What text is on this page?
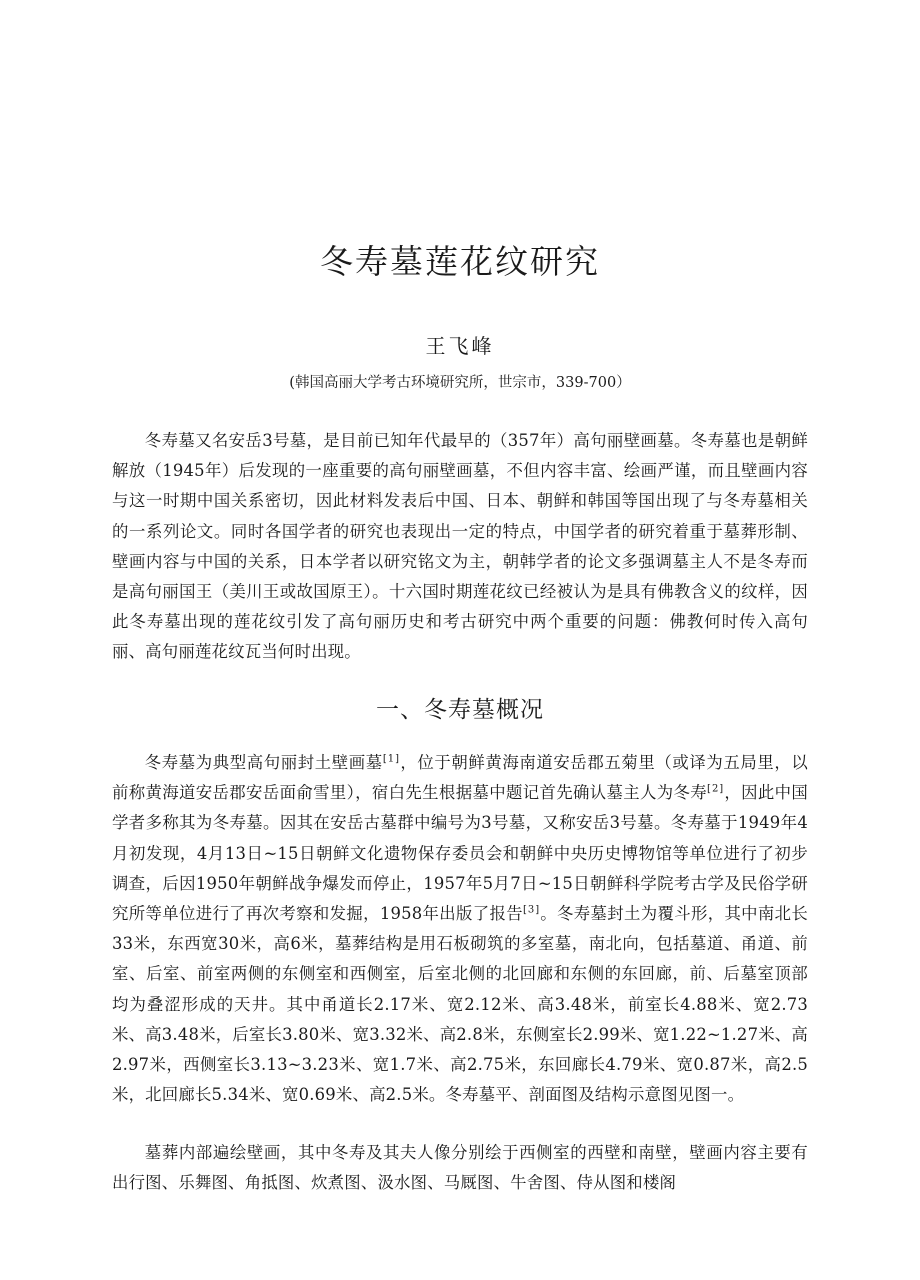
冬寿墓莲花纹研究
王飞峰
(韩国高丽大学考古环境研究所，世宗市，339-700）

冬寿墓又名安岳3号墓，是目前已知年代最早的（357年）高句丽壁画墓。冬寿墓也是朝鲜解放（1945年）后发现的一座重要的高句丽壁画墓，不但内容丰富、绘画严谨，而且壁画内容与这一时期中国关系密切，因此材料发表后中国、日本、朝鲜和韩国等国出现了与冬寿墓相关的一系列论文。同时各国学者的研究也表现出一定的特点，中国学者的研究着重于墓葬形制、壁画内容与中国的关系，日本学者以研究铭文为主，朝韩学者的论文多强调墓主人不是冬寿而是高句丽国王（美川王或故国原王）。十六国时期莲花纹已经被认为是具有佛教含义的纹样，因此冬寿墓出现的莲花纹引发了高句丽历史和考古研究中两个重要的问题：佛教何时传入高句丽、高句丽莲花纹瓦当何时出现。

一、冬寿墓概况

冬寿墓为典型高句丽封土壁画墓[1]，位于朝鲜黄海南道安岳郡五菊里（或译为五局里，以前称黄海道安岳郡安岳面俞雪里），宿白先生根据墓中题记首先确认墓主人为冬寿[2]，因此中国学者多称其为冬寿墓。因其在安岳古墓群中编号为3号墓，又称安岳3号墓。冬寿墓于1949年4月初发现，4月13日~15日朝鲜文化遗物保存委员会和朝鲜中央历史博物馆等单位进行了初步调查，后因1950年朝鲜战争爆发而停止，1957年5月7日~15日朝鲜科学院考古学及民俗学研究所等单位进行了再次考察和发掘，1958年出版了报告[3]。冬寿墓封土为覆斗形，其中南北长33米，东西宽30米，高6米，墓葬结构是用石板砌筑的多室墓，南北向，包括墓道、甬道、前室、后室、前室两侧的东侧室和西侧室，后室北侧的北回廊和东侧的东回廊，前、后墓室顶部均为叠涩形成的天井。其中甬道长2.17米、宽2.12米、高3.48米，前室长4.88米、宽2.73米、高3.48米，后室长3.80米、宽3.32米、高2.8米，东侧室长2.99米、宽1.22~1.27米、高2.97米，西侧室长3.13~3.23米、宽1.7米、高2.75米，东回廊长4.79米、宽0.87米，高2.5米，北回廊长5.34米、宽0.69米、高2.5米。冬寿墓平、剖面图及结构示意图见图一。

墓葬内部遍绘壁画，其中冬寿及其夫人像分别绘于西侧室的西壁和南壁，壁画内容主要有出行图、乐舞图、角抵图、炊煮图、汲水图、马厩图、牛舍图、侍从图和楼阁
